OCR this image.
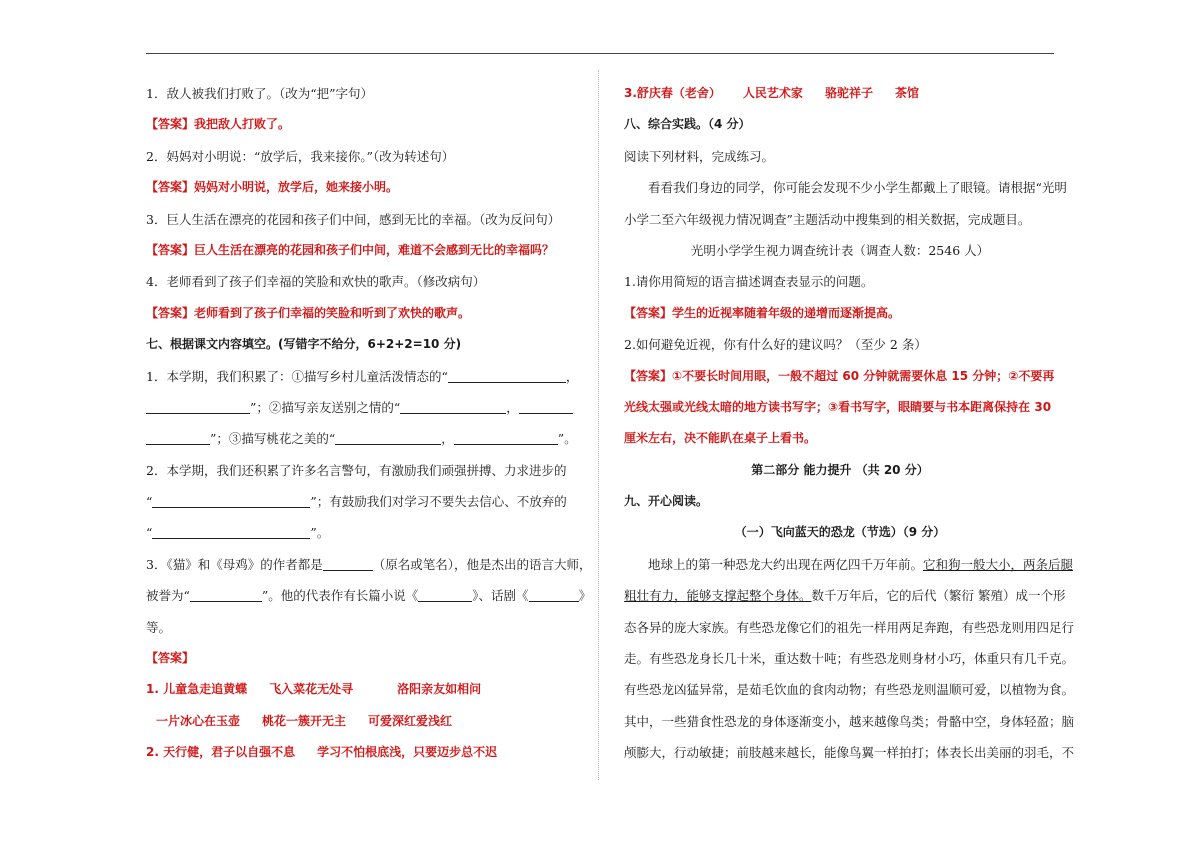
1．敌人被我们打败了。（改为“把”字句）
【答案】我把敌人打败了。
2．妈妈对小明说：“放学后，我来接你。”（改为转述句）
【答案】妈妈对小明说，放学后，她来接小明。
3．巨人生活在漂亮的花园和孩子们中间，感到无比的幸福。（改为反问句）
【答案】巨人生活在漂亮的花园和孩子们中间，难道不会感到无比的幸福吗？
4．老师看到了孩子们幸福的笑脸和欢快的歌声。（修改病句）
【答案】老师看到了孩子们幸福的笑脸和听到了欢快的歌声。
七、根据课文内容填空。(写错字不给分，6+2+2=10 分)
1．本学期，我们积累了：①描写乡村儿童活泼情态的“	，
”；②描写亲友送别之情的“	，
”；③描写桃花之美的“	，	”。
2．本学期，我们还积累了许多名言警句，有激励我们顽强拼搏、力求进步的
“	”；有鼓励我们对学习不要失去信心、不放弃的
“	”。
3．《猫》和《母鸡》的作者都是	（原名或笔名），他是杰出的语言大师，
被誉为“	”。他的代表作有长篇小说《	》、话剧《	》
等。
【答案】
1. 儿童急走追黄蝶 飞入菜花无处寻	洛阳亲友如相问
一片冰心在玉壶 桃花一簇开无主 可爱深红爱浅红
2. 天行健，君子以自强不息 学习不怕根底浅，只要迈步总不迟
3.舒庆春（老舍） 人民艺术家 骆驼祥子 茶馆
八、综合实践。（4 分）
阅读下列材料，完成练习。
看看我们身边的同学，你可能会发现不少小学生都戴上了眼镜。请根据“光明
小学二至六年级视力情况调查”主题活动中搜集到的相关数据，完成题目。
光明小学学生视力调查统计表（调查人数：2546 人）
1.请你用简短的语言描述调查表显示的问题。
【答案】学生的近视率随着年级的递增而逐渐提高。
2.如何避免近视，你有什么好的建议吗？（至少 2 条）
【答案】①不要长时间用眼，一般不超过 60 分钟就需要休息 15 分钟；②不要再
光线太强或光线太暗的地方读书写字；③看书写字，眼睛要与书本距离保持在 30
厘米左右，决不能趴在桌子上看书。
第二部分 能力提升 （共 20 分）
九、开心阅读。
（一）飞向蓝天的恐龙（节选）（9 分）
地球上的第一种恐龙大约出现在两亿四千万年前。它和狗一般大小，两条后腿
粗壮有力，能够支撑起整个身体。数千万年后，它的后代（繁衍 繁殖）成一个形
态各异的庞大家族。有些恐龙像它们的祖先一样用两足奔跑，有些恐龙则用四足行
走。有些恐龙身长几十米，重达数十吨；有些恐龙则身材小巧，体重只有几千克。
有些恐龙凶猛异常，是茹毛饮血的食肉动物；有些恐龙则温顺可爱，以植物为食。
其中，一些猎食性恐龙的身体逐渐变小，越来越像鸟类；骨骼中空，身体轻盈；脑
颅膨大，行动敏捷；前肢越来越长，能像鸟翼一样拍打；体表长出美丽的羽毛，不
